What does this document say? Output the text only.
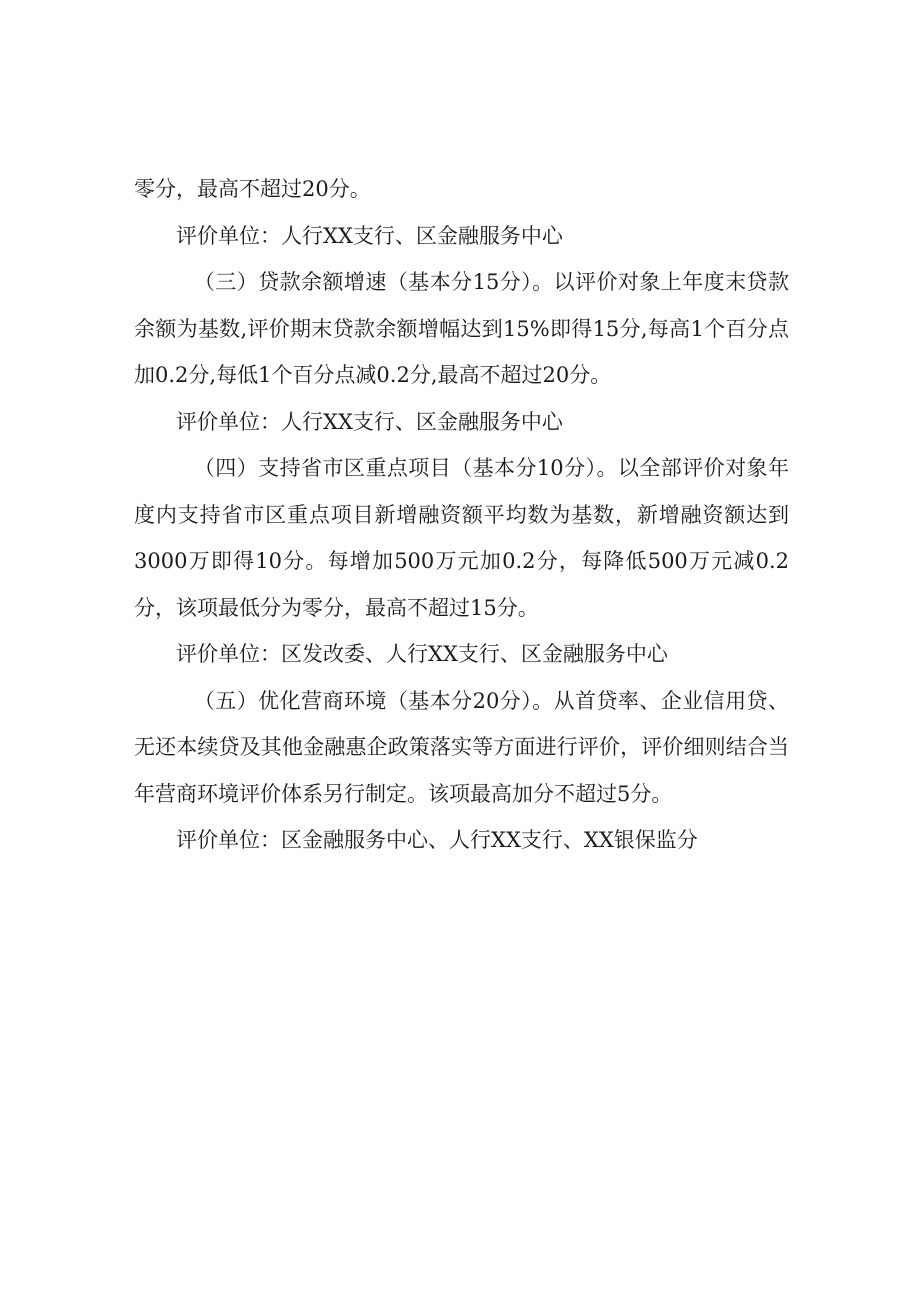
零分，最高不超过20分。

评价单位：人行XX支行、区金融服务中心

（三）贷款余额增速（基本分15分）。以评价对象上年度末贷款余额为基数,评价期末贷款余额增幅达到15%即得15分,每高1个百分点加0.2分,每低1个百分点减0.2分,最高不超过20分。

评价单位：人行XX支行、区金融服务中心

（四）支持省市区重点项目（基本分10分）。以全部评价对象年度内支持省市区重点项目新增融资额平均数为基数，新增融资额达到3000万即得10分。每增加500万元加0.2分，每降低500万元减0.2分，该项最低分为零分，最高不超过15分。

评价单位：区发改委、人行XX支行、区金融服务中心

（五）优化营商环境（基本分20分）。从首贷率、企业信用贷、无还本续贷及其他金融惠企政策落实等方面进行评价，评价细则结合当年营商环境评价体系另行制定。该项最高加分不超过5分。

评价单位：区金融服务中心、人行XX支行、XX银保监分
